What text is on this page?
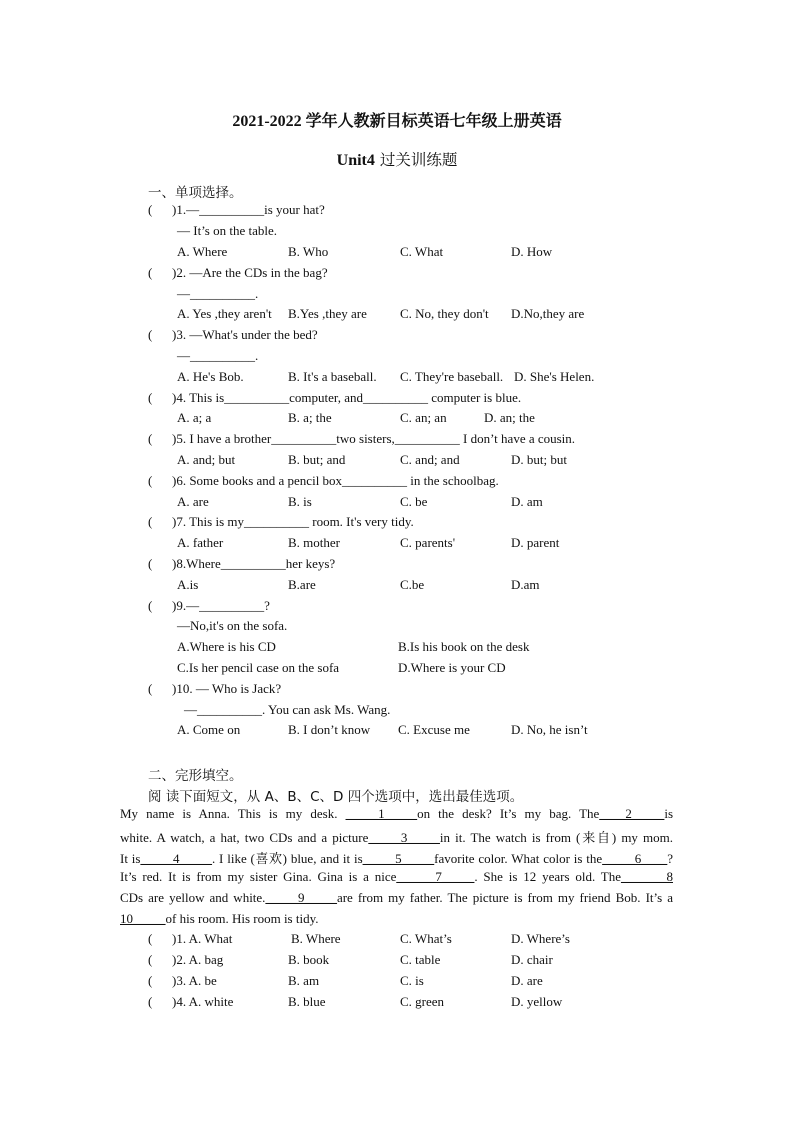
2021-2022 学年人教新目标英语七年级上册英语
Unit4 过关训练题
一、单项选择。
( )1.—__________is your hat?
— It’s on the table.
A. Where	B. Who	C. What	D. How
( )2. —Are the CDs in the bag?
—__________.
A. Yes ,they aren't B.Yes ,they are	C. No, they don't D.No,they are
( )3. —What's under the bed?
—__________.
A. He's Bob.	B. It's a baseball. C. They're baseball. D. She's Helen.
( )4. This is__________computer, and__________ computer is blue.
A. a; a	B. a; the	C. an; an	D. an; the
( )5. I have a brother__________two sisters,__________ I don’t have a cousin.
A. and; but	B. but; and	C. and; and	D. but; but
( )6. Some books and a pencil box__________ in the schoolbag.
A. are	B. is	C. be	D. am
( )7. This is my__________ room. It's very tidy.
A. father	B. mother	C. parents'	D. parent
( )8.Where__________her keys?
A.is	B.are	C.be	D.am
( )9.—__________?
—No,it's on the sofa.
A.Where is his CD	B.Is his book on the desk
C.Is her pencil case on the sofa	D.Where is your CD
( )10. — Who is Jack?
—__________. You can ask Ms. Wang.
A. Come on	B. I don’t know C. Excuse me	D. No, he isn’t
二、完形填空。
阅 读下面短文，从 A、B、C、D 四个选项中，选出最佳选项。
My name is Anna. This is my desk. _____1_____on the desk? It’s my bag. The____2_____is
white. A watch, a hat, two CDs and a picture_____3_____in it. The watch is from (来自) my mom.
It is_____4_____. I like (喜欢) blue, and it is_____5_____favorite color. What color is the_____6____?
It’s red. It is from my sister Gina. Gina is a nice______7_____. She is 12 years old. The_______8
CDs are yellow and white._____9_____are from my father. The picture is from my friend Bob. It’s a
10_____of his room. His room is tidy.
( )1. A. What	B. Where	C. What’s	D. Where’s
( )2. A. bag	B. book	C. table	D. chair
( )3. A. be	B. am	C. is	D. are
( )4. A. white	B. blue	C. green	D. yellow
